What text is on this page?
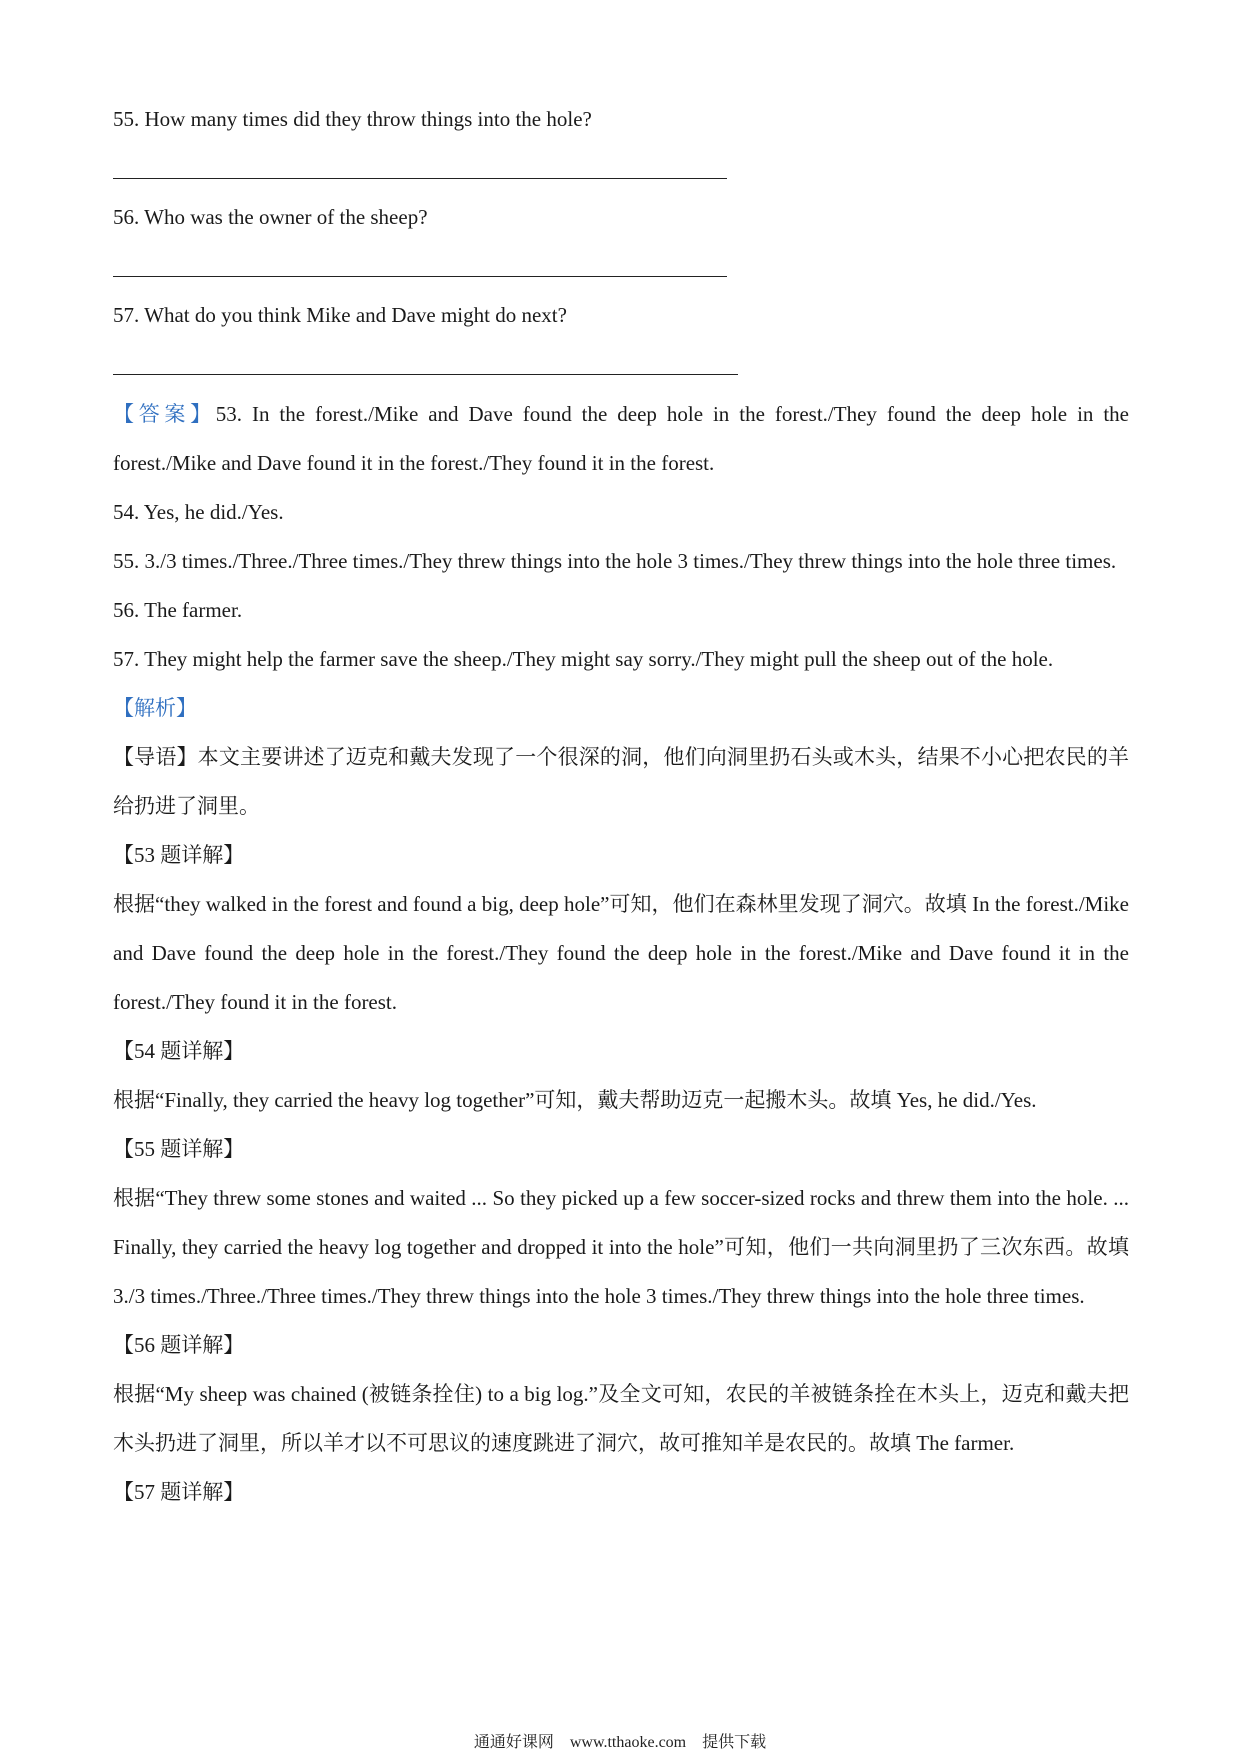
55. How many times did they throw things into the hole?
56. Who was the owner of the sheep?
57. What do you think Mike and Dave might do next?

【答案】53. In the forest./Mike and Dave found the deep hole in the forest./They found the deep hole in the forest./Mike and Dave found it in the forest./They found it in the forest.

54. Yes, he did./Yes.

55. 3./3 times./Three./Three times./They threw things into the hole 3 times./They threw things into the hole three times.

56. The farmer.

57. They might help the farmer save the sheep./They might say sorry./They might pull the sheep out of the hole.

【解析】

【导语】本文主要讲述了迈克和戴夫发现了一个很深的洞，他们向洞里扔石头或木头，结果不小心把农民的羊给扔进了洞里。

【53 题详解】

根据“they walked in the forest and found a big, deep hole”可知，他们在森林里发现了洞穴。故填 In the forest./Mike and Dave found the deep hole in the forest./They found the deep hole in the forest./Mike and Dave found it in the forest./They found it in the forest.

【54 题详解】

根据“Finally, they carried the heavy log together”可知，戴夫帮助迈克一起搬木头。故填 Yes, he did./Yes.

【55 题详解】

根据“They threw some stones and waited ... So they picked up a few soccer-sized rocks and threw them into the hole. ... Finally, they carried the heavy log together and dropped it into the hole”可知，他们一共向洞里扔了三次东西。故填 3./3 times./Three./Three times./They threw things into the hole 3 times./They threw things into the hole three times.

【56 题详解】

根据“My sheep was chained (被链条拴住) to a big log.”及全文可知，农民的羊被链条拴在木头上，迈克和戴夫把木头扔进了洞里，所以羊才以不可思议的速度跳进了洞穴，故可推知羊是农民的。故填 The farmer.

【57 题详解】

通通好课网 www.tthaoke.com 提供下载
